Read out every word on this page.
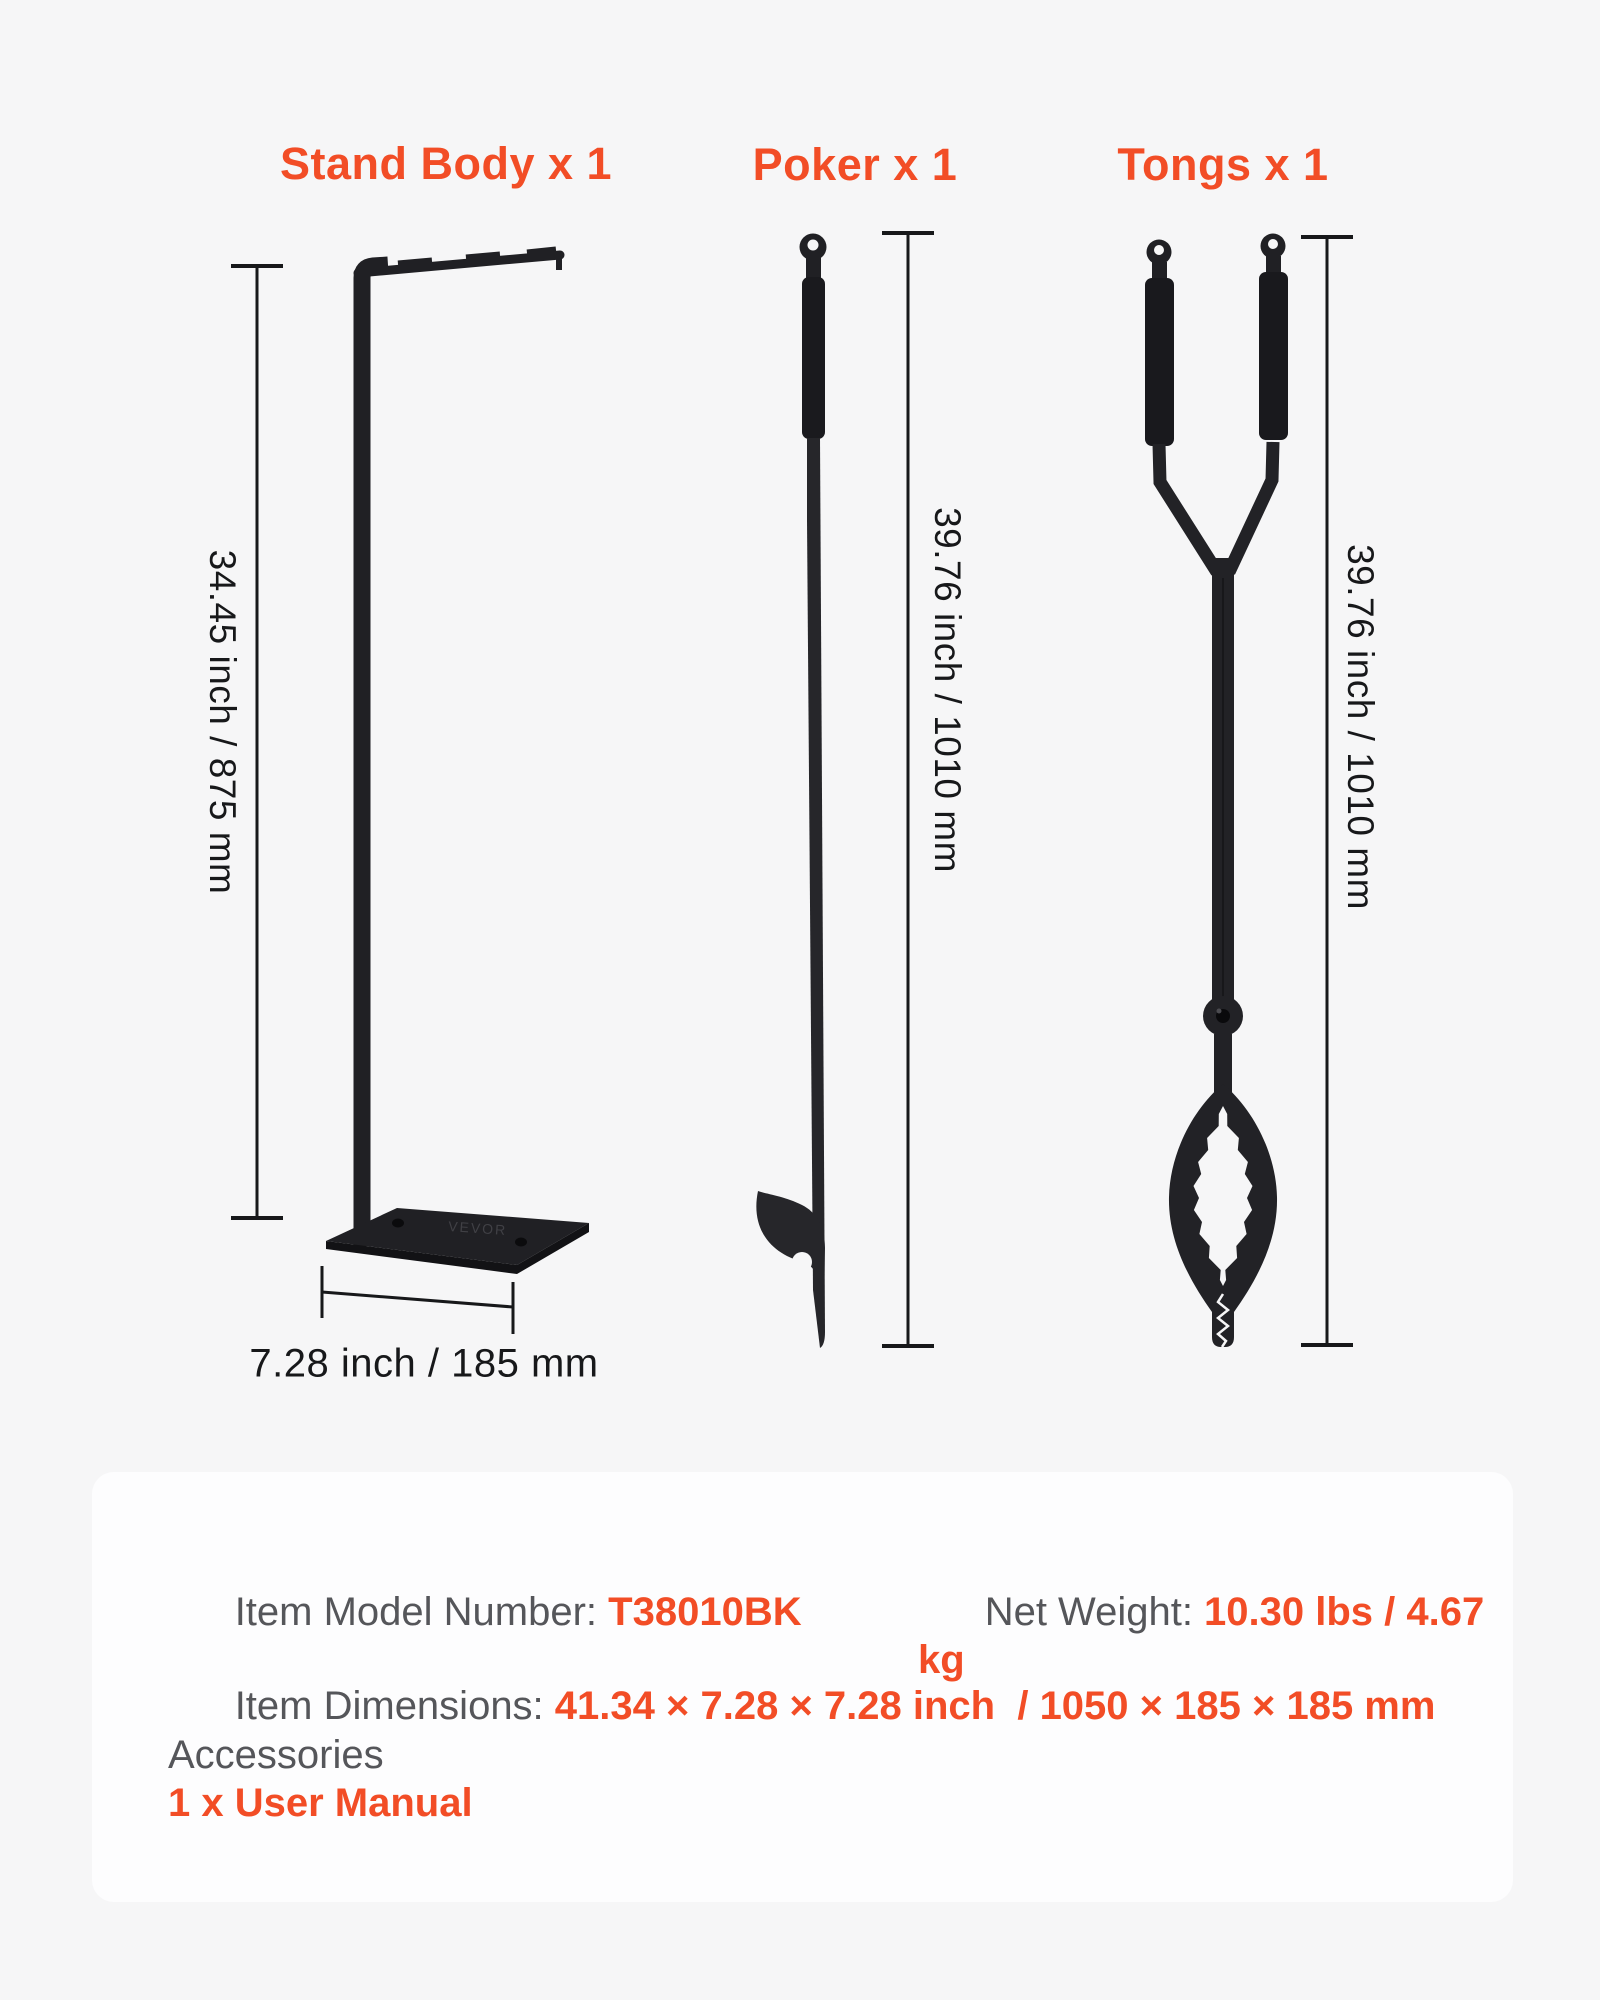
Stand Body x 1	Poker x 1	Tongs x 1
VEVOR
34.45 inch / 875 mm	39.76 inch / 1010 mm	39.76 inch / 1010 mm
7.28 inch / 185 mm

Item Model Number: T38010BK
	Net Weight: 10.30 lbs / 4.67 kg

Item Dimensions: 41.34 × 7.28 × 7.28 inch  / 1050 × 185 × 185 mm

Accessories
1 x User Manual
